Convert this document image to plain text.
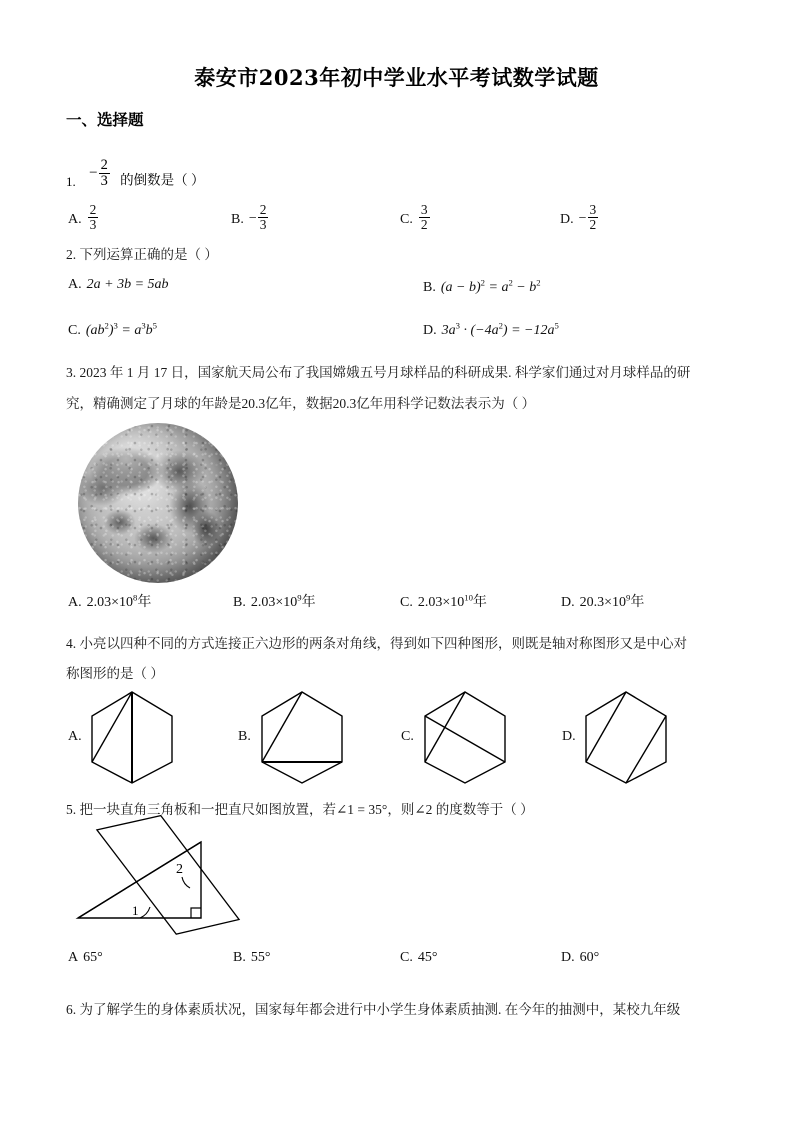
泰安市2023年初中学业水平考试数学试题
一、选择题
1. − $\frac{2}{3}$ 的倒数是（ ）
A. $\frac{2}{3}$	B. − $\frac{2}{3}$	C. $\frac{3}{2}$	D. − $\frac{3}{2}$
2. 下列运算正确的是（ ）
A. 2a + 3b = 5ab	B. $(a - b)^2 = a^2 - b^2$
C. $(ab^2)^3 = a^3b^5$	D. $3a^3 \cdot (-4a^2) = -12a^5$
3. 2023 年 1 月 17 日，国家航天局公布了我国嫦娥五号月球样品的科研成果. 科学家们通过对月球样品的研
究，精确测定了月球的年龄是20.3亿年，数据20.3亿年用科学记数法表示为（ ）
A. $2.03\times 10^8$年	B. $2.03\times 10^9$年	C. $2.03\times 10^{10}$年	D. $20.3\times 10^9$年
4. 小亮以四种不同的方式连接正六边形的两条对角线，得到如下四种图形，则既是轴对称图形又是中心对
称图形的是（ ）
A.	B.	C.	D.
5. 把一块直角三角板和一把直尺如图放置，若∠1 = 35°，则∠2 的度数等于（ ）
1
2
A 65°	B. 55°	C. 45°	D. 60°
6. 为了解学生的身体素质状况，国家每年都会进行中小学生身体素质抽测. 在今年的抽测中，某校九年级
